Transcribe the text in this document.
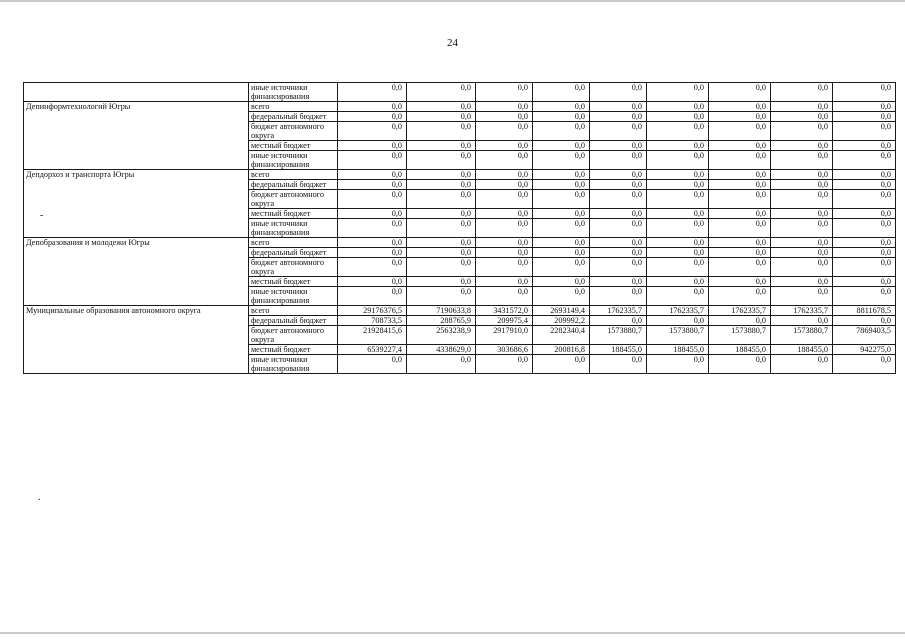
24
	иные источники финансирования	0,0	0,0	0,0	0,0	0,0	0,0	0,0	0,0	0,0
Депинформтехнологий Югры	всего	0,0	0,0	0,0	0,0	0,0	0,0	0,0	0,0	0,0
	федеральный бюджет	0,0	0,0	0,0	0,0	0,0	0,0	0,0	0,0	0,0
	бюджет автономного округа	0,0	0,0	0,0	0,0	0,0	0,0	0,0	0,0	0,0
	местный бюджет	0,0	0,0	0,0	0,0	0,0	0,0	0,0	0,0	0,0
	иные источники финансирования	0,0	0,0	0,0	0,0	0,0	0,0	0,0	0,0	0,0
Депдорхоз и транспорта Югры	всего	0,0	0,0	0,0	0,0	0,0	0,0	0,0	0,0	0,0
	федеральный бюджет	0,0	0,0	0,0	0,0	0,0	0,0	0,0	0,0	0,0
	бюджет автономного округа	0,0	0,0	0,0	0,0	0,0	0,0	0,0	0,0	0,0
	местный бюджет	0,0	0,0	0,0	0,0	0,0	0,0	0,0	0,0	0,0
	иные источники финансирования	0,0	0,0	0,0	0,0	0,0	0,0	0,0	0,0	0,0
Депобразования и молодежи Югры	всего	0,0	0,0	0,0	0,0	0,0	0,0	0,0	0,0	0,0
	федеральный бюджет	0,0	0,0	0,0	0,0	0,0	0,0	0,0	0,0	0,0
	бюджет автономного округа	0,0	0,0	0,0	0,0	0,0	0,0	0,0	0,0	0,0
	местный бюджет	0,0	0,0	0,0	0,0	0,0	0,0	0,0	0,0	0,0
	иные источники финансирования	0,0	0,0	0,0	0,0	0,0	0,0	0,0	0,0	0,0
Муниципальные образования автономного округа	всего	29176376,5	7190633,8	3431572,0	2693149,4	1762335,7	1762335,7	1762335,7	1762335,7	8811678,5
	федеральный бюджет	708733,5	288765,9	209975,4	209992,2	0,0	0,0	0,0	0,0	0,0
	бюджет автономного округа	21928415,6	2563238,9	2917910,0	2282340,4	1573880,7	1573880,7	1573880,7	1573880,7	7869403,5
	местный бюджет	6539227,4	4338629,0	303686,6	200816,8	188455,0	188455,0	188455,0	188455,0	942275,0
	иные источники финансирования	0,0	0,0	0,0	0,0	0,0	0,0	0,0	0,0	0,0
-
.
